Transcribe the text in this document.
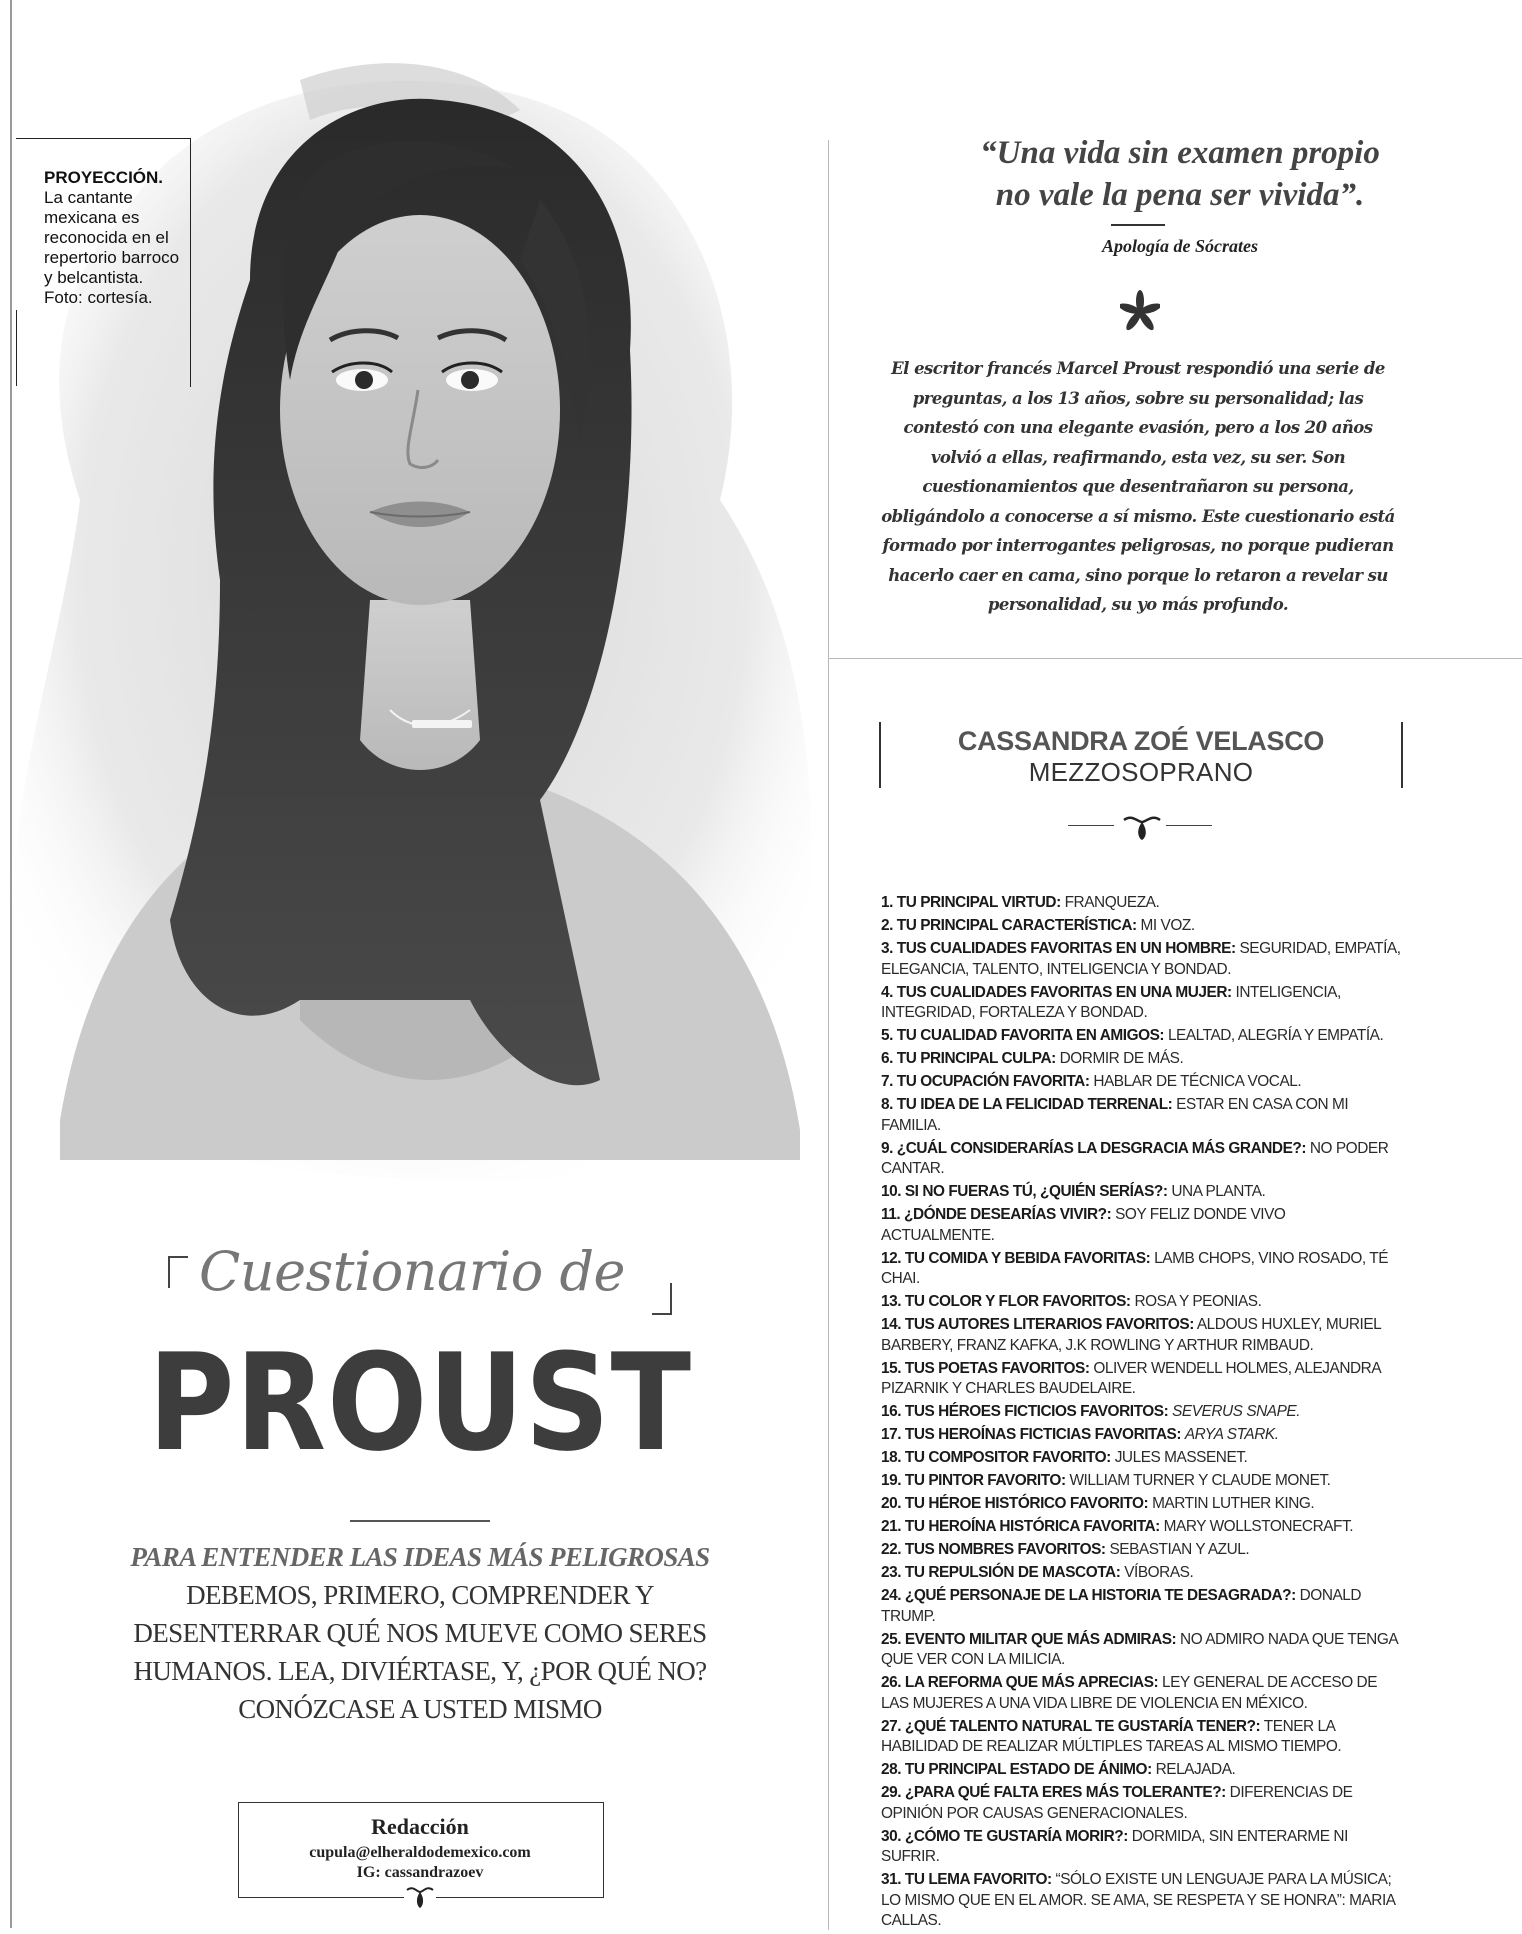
PROYECCIÓN.
La cantante mexicana es reconocida en el repertorio barroco y belcantista. Foto: cortesía.
“Una vida sin examen propio
no vale la pena ser vivida”.
Apología de Sócrates
El escritor francés Marcel Proust respondió una serie de preguntas, a los 13 años, sobre su personalidad; las contestó con una elegante evasión, pero a los 20 años volvió a ellas, reafirmando, esta vez, su ser. Son cuestionamientos que desentrañaron su persona, obligándolo a conocerse a sí mismo. Este cuestionario está formado por interrogantes peligrosas, no porque pudieran hacerlo caer en cama, sino porque lo retaron a revelar su personalidad, su yo más profundo.
CASSANDRA ZOÉ VELASCO
MEZZOSOPRANO
1. TU PRINCIPAL VIRTUD: FRANQUEZA.
2. TU PRINCIPAL CARACTERÍSTICA: MI VOZ.
3. TUS CUALIDADES FAVORITAS EN UN HOMBRE: SEGURIDAD, EMPATÍA, ELEGANCIA, TALENTO, INTELIGENCIA Y BONDAD.
4. TUS CUALIDADES FAVORITAS EN UNA MUJER: INTELIGENCIA, INTEGRIDAD, FORTALEZA Y BONDAD.
5. TU CUALIDAD FAVORITA EN AMIGOS: LEALTAD, ALEGRÍA Y EMPATÍA.
6. TU PRINCIPAL CULPA: DORMIR DE MÁS.
7. TU OCUPACIÓN FAVORITA: HABLAR DE TÉCNICA VOCAL.
8. TU IDEA DE LA FELICIDAD TERRENAL: ESTAR EN CASA CON MI FAMILIA.
9. ¿CUÁL CONSIDERARÍAS LA DESGRACIA MÁS GRANDE?: NO PODER CANTAR.
10. SI NO FUERAS TÚ, ¿QUIÉN SERÍAS?: UNA PLANTA.
11. ¿DÓNDE DESEARÍAS VIVIR?: SOY FELIZ DONDE VIVO ACTUALMENTE.
12. TU COMIDA Y BEBIDA FAVORITAS: LAMB CHOPS, VINO ROSADO, TÉ CHAI.
13. TU COLOR Y FLOR FAVORITOS: ROSA Y PEONIAS.
14. TUS AUTORES LITERARIOS FAVORITOS: ALDOUS HUXLEY, MURIEL BARBERY, FRANZ KAFKA, J.K ROWLING Y ARTHUR RIMBAUD.
15. TUS POETAS FAVORITOS: OLIVER WENDELL HOLMES, ALEJANDRA PIZARNIK Y CHARLES BAUDELAIRE.
16. TUS HÉROES FICTICIOS FAVORITOS: SEVERUS SNAPE.
17. TUS HEROÍNAS FICTICIAS FAVORITAS: ARYA STARK.
18. TU COMPOSITOR FAVORITO: JULES MASSENET.
19. TU PINTOR FAVORITO: WILLIAM TURNER Y CLAUDE MONET.
20. TU HÉROE HISTÓRICO FAVORITO: MARTIN LUTHER KING.
21. TU HEROÍNA HISTÓRICA FAVORITA: MARY WOLLSTONECRAFT.
22. TUS NOMBRES FAVORITOS: SEBASTIAN Y AZUL.
23. TU REPULSIÓN DE MASCOTA: VÍBORAS.
24. ¿QUÉ PERSONAJE DE LA HISTORIA TE DESAGRADA?: DONALD TRUMP.
25. EVENTO MILITAR QUE MÁS ADMIRAS: NO ADMIRO NADA QUE TENGA QUE VER CON LA MILICIA.
26. LA REFORMA QUE MÁS APRECIAS: LEY GENERAL DE ACCESO DE LAS MUJERES A UNA VIDA LIBRE DE VIOLENCIA EN MÉXICO.
27. ¿QUÉ TALENTO NATURAL TE GUSTARÍA TENER?: TENER LA HABILIDAD DE REALIZAR MÚLTIPLES TAREAS AL MISMO TIEMPO.
28. TU PRINCIPAL ESTADO DE ÁNIMO: RELAJADA.
29. ¿PARA QUÉ FALTA ERES MÁS TOLERANTE?: DIFERENCIAS DE OPINIÓN POR CAUSAS GENERACIONALES.
30. ¿CÓMO TE GUSTARÍA MORIR?: DORMIDA, SIN ENTERARME NI SUFRIR.
31. TU LEMA FAVORITO: “SÓLO EXISTE UN LENGUAJE PARA LA MÚSICA; LO MISMO QUE EN EL AMOR. SE AMA, SE RESPETA Y SE HONRA”: MARIA CALLAS.
Cuestionario de
PROUST
PARA ENTENDER LAS IDEAS MÁS PELIGROSAS DEBEMOS, PRIMERO, COMPRENDER Y DESENTERRAR QUÉ NOS MUEVE COMO SERES HUMANOS. LEA, DIVIÉRTASE, Y, ¿POR QUÉ NO? CONÓZCASE A USTED MISMO
Redacción
cupula@elheraldodemexico.com
IG: cassandrazoev
